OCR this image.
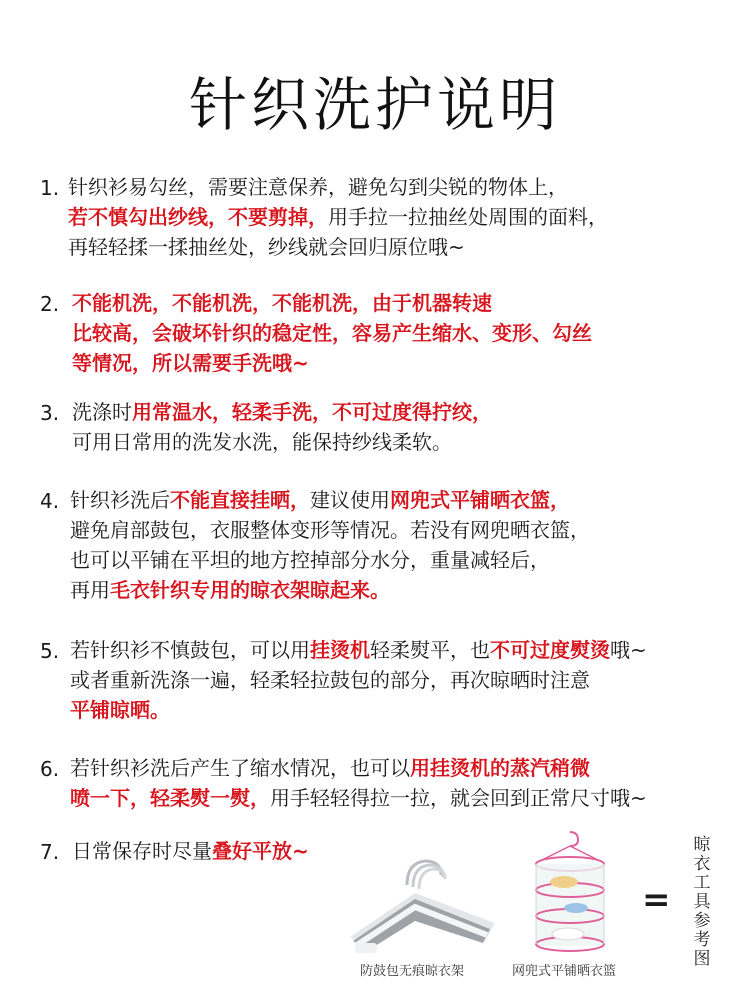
针织洗护说明
1. 针织衫易勾丝，需要注意保养，避免勾到尖锐的物体上，
若不慎勾出纱线，不要剪掉，用手拉一拉抽丝处周围的面料，
再轻轻揉一揉抽丝处，纱线就会回归原位哦~
2. 不能机洗，不能机洗，不能机洗，由于机器转速
比较高，会破坏针织的稳定性，容易产生缩水、变形、勾丝
等情况，所以需要手洗哦~
3. 洗涤时用常温水，轻柔手洗，不可过度得拧绞，
可用日常用的洗发水洗，能保持纱线柔软。
4. 针织衫洗后不能直接挂晒，建议使用网兜式平铺晒衣篮，
避免肩部鼓包，衣服整体变形等情况。若没有网兜晒衣篮，
也可以平铺在平坦的地方控掉部分水分，重量减轻后，
再用毛衣针织专用的晾衣架晾起来。
5. 若针织衫不慎鼓包，可以用挂烫机轻柔熨平，也不可过度熨烫哦~
或者重新洗涤一遍，轻柔轻拉鼓包的部分，再次晾晒时注意
平铺晾晒。
6. 若针织衫洗后产生了缩水情况，也可以用挂烫机的蒸汽稍微
喷一下，轻柔熨一熨，用手轻轻得拉一拉，就会回到正常尺寸哦~
7. 日常保存时尽量叠好平放~
=
晾
衣
工
具
参
考
图
防鼓包无痕晾衣架	网兜式平铺晒衣篮
